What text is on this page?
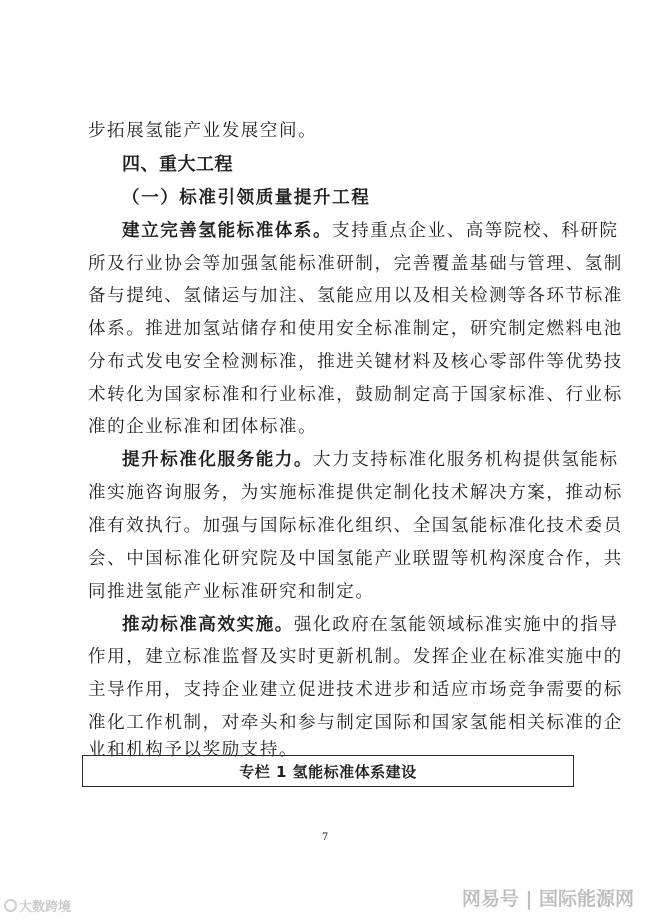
步拓展氢能产业发展空间。
四、重大工程
（一）标准引领质量提升工程
建立完善氢能标准体系。支持重点企业、高等院校、科研院
所及行业协会等加强氢能标准研制，完善覆盖基础与管理、氢制
备与提纯、氢储运与加注、氢能应用以及相关检测等各环节标准
体系。推进加氢站储存和使用安全标准制定，研究制定燃料电池
分布式发电安全检测标准，推进关键材料及核心零部件等优势技
术转化为国家标准和行业标准，鼓励制定高于国家标准、行业标
准的企业标准和团体标准。
提升标准化服务能力。大力支持标准化服务机构提供氢能标
准实施咨询服务，为实施标准提供定制化技术解决方案，推动标
准有效执行。加强与国际标准化组织、全国氢能标准化技术委员
会、中国标准化研究院及中国氢能产业联盟等机构深度合作，共
同推进氢能产业标准研究和制定。
推动标准高效实施。强化政府在氢能领域标准实施中的指导
作用，建立标准监督及实时更新机制。发挥企业在标准实施中的
主导作用，支持企业建立促进技术进步和适应市场竞争需要的标
准化工作机制，对牵头和参与制定国际和国家氢能相关标准的企
业和机构予以奖励支持。
专栏 1 氢能标准体系建设
7
大数跨境	网易号 | 国际能源网
